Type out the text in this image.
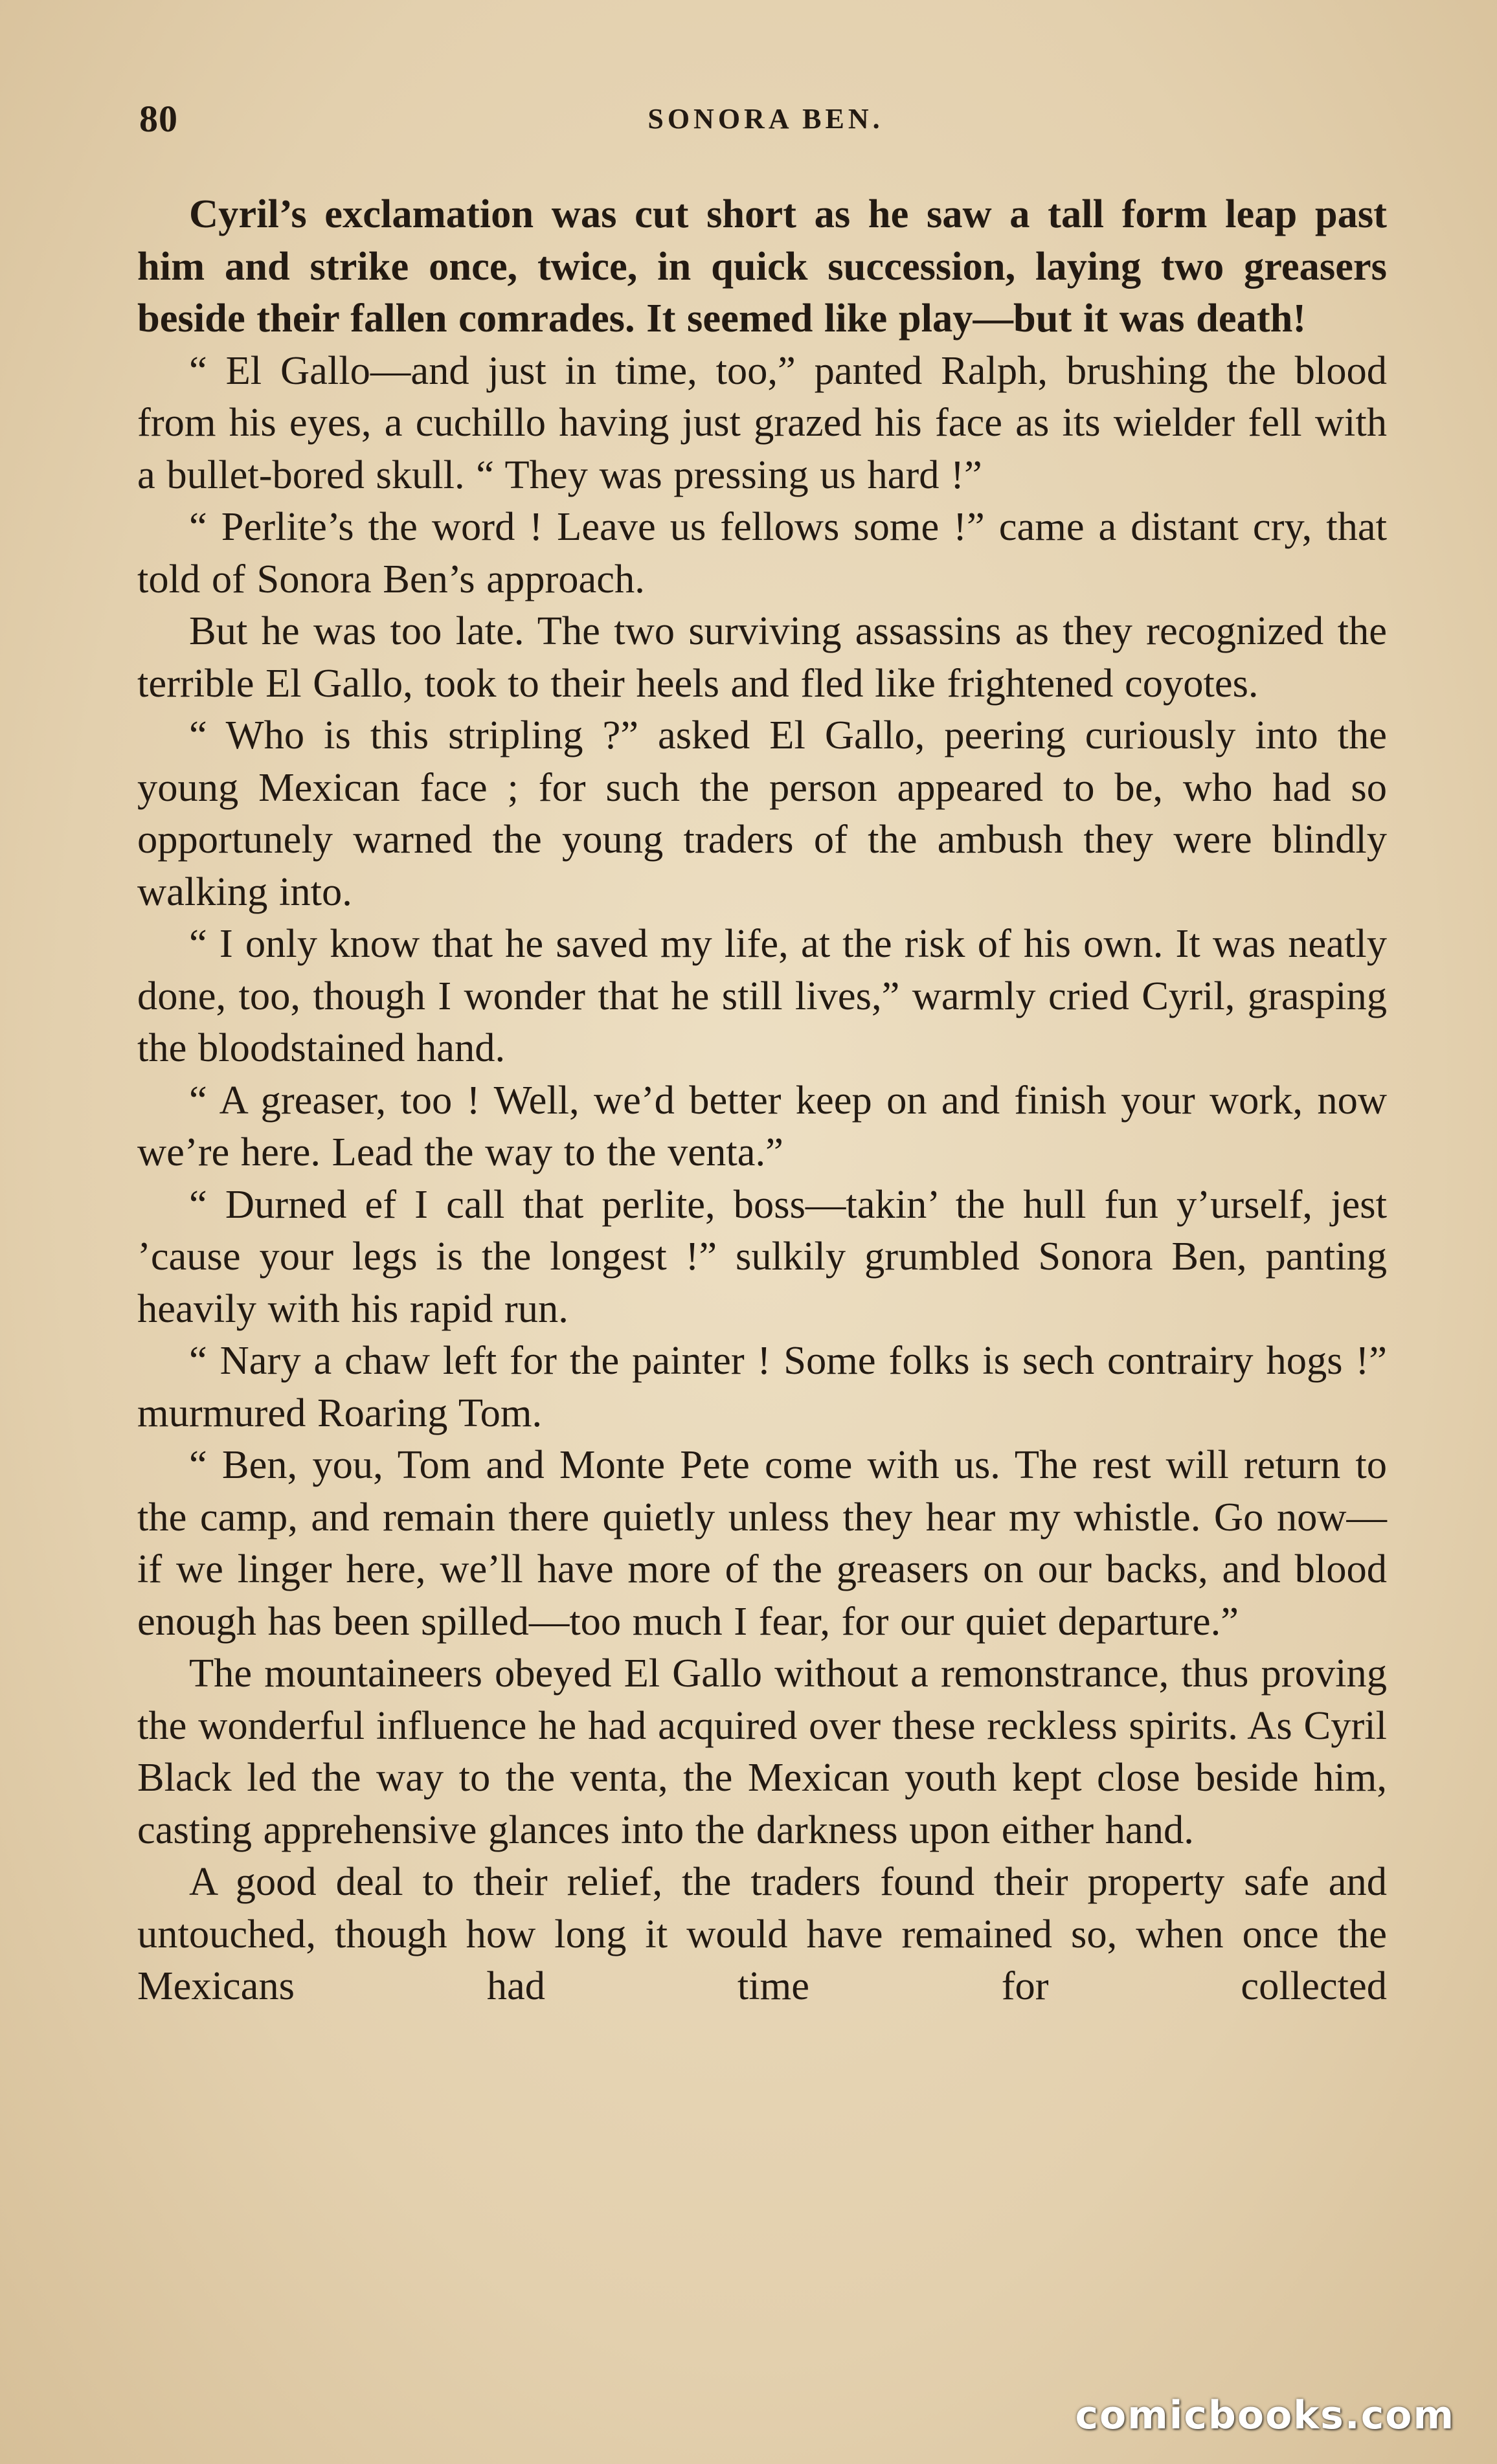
80	SONORA BEN.

Cyril’s exclamation was cut short as he saw a tall form leap past him and strike once, twice, in quick succession, laying two greasers beside their fallen comrades. It seemed like play—but it was death!

“ El Gallo—and just in time, too,” panted Ralph, brushing the blood from his eyes, a cuchillo having just grazed his face as its wielder fell with a bullet-bored skull. “ They was pressing us hard !”

“ Perlite’s the word ! Leave us fellows some !” came a distant cry, that told of Sonora Ben’s approach.

But he was too late. The two surviving assassins as they recognized the terrible El Gallo, took to their heels and fled like frightened coyotes.

“ Who is this stripling ?” asked El Gallo, peering curiously into the young Mexican face ; for such the person appeared to be, who had so opportunely warned the young traders of the ambush they were blindly walking into.

“ I only know that he saved my life, at the risk of his own. It was neatly done, too, though I wonder that he still lives,” warmly cried Cyril, grasping the bloodstained hand.

“ A greaser, too ! Well, we’d better keep on and finish your work, now we’re here. Lead the way to the venta.”

“ Durned ef I call that perlite, boss—takin’ the hull fun y’urself, jest ’cause your legs is the longest !” sulkily grumbled Sonora Ben, panting heavily with his rapid run.

“ Nary a chaw left for the painter ! Some folks is sech contrairy hogs !” murmured Roaring Tom.

“ Ben, you, Tom and Monte Pete come with us. The rest will return to the camp, and remain there quietly unless they hear my whistle. Go now—if we linger here, we’ll have more of the greasers on our backs, and blood enough has been spilled—too much I fear, for our quiet departure.”

The mountaineers obeyed El Gallo without a remonstrance, thus proving the wonderful influence he had acquired over these reckless spirits. As Cyril Black led the way to the venta, the Mexican youth kept close beside him, casting apprehensive glances into the darkness upon either hand.

A good deal to their relief, the traders found their property safe and untouched, though how long it would have remained so, when once the Mexicans had time for collected

comicbooks.com
